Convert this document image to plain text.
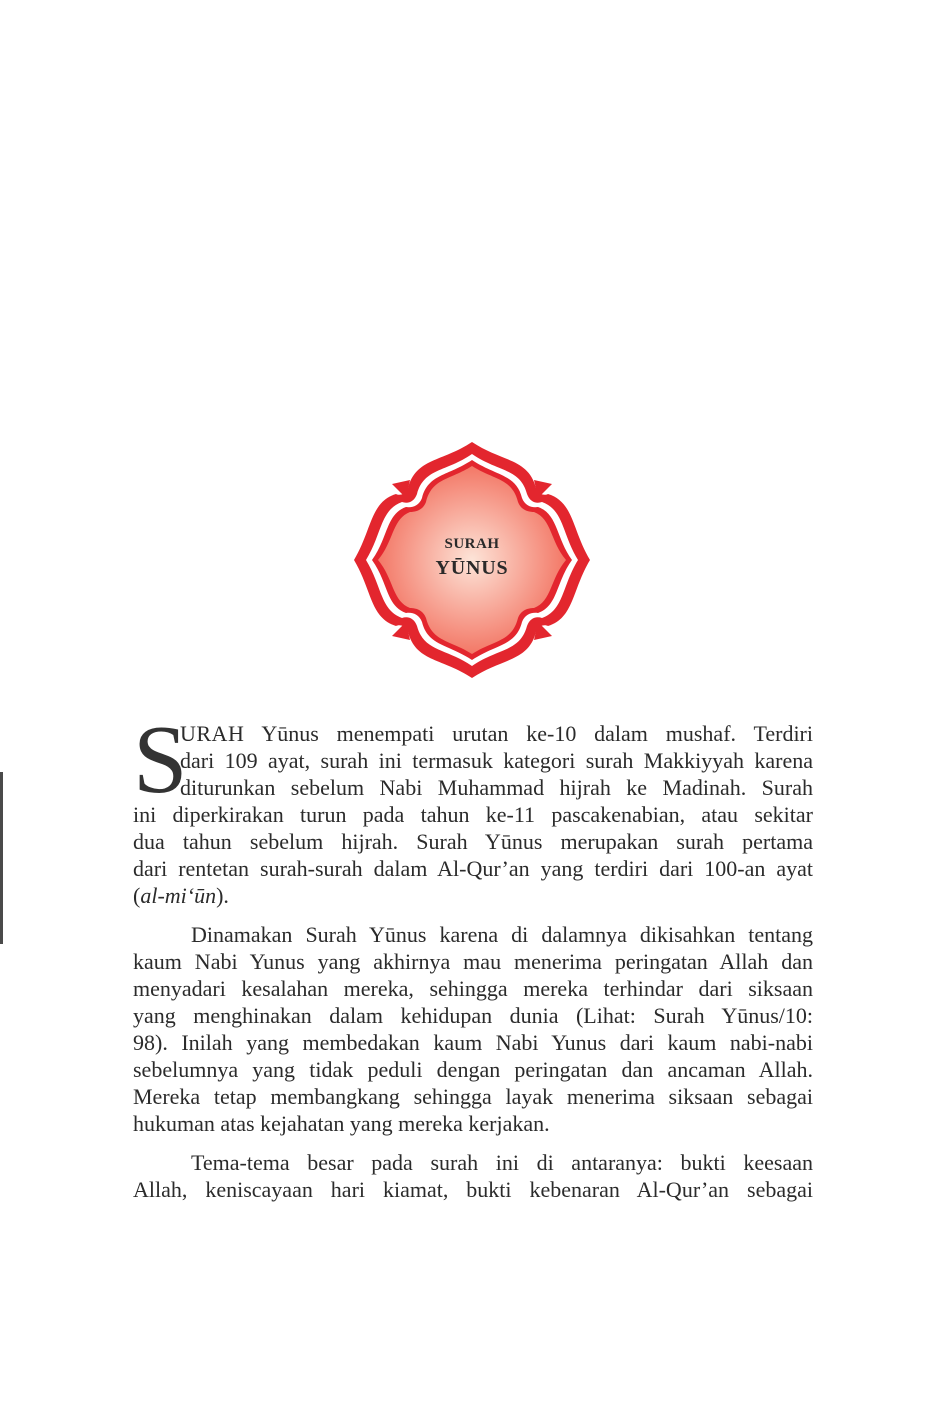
SURAH
YŪNUS
S
URAH Yūnus menempati urutan ke-10 dalam mushaf. Terdiri
dari 109 ayat, surah ini termasuk kategori surah Makkiyyah karena
diturunkan sebelum Nabi Muhammad hijrah ke Madinah. Surah
ini diperkirakan turun pada tahun ke-11 pascakenabian, atau sekitar
dua tahun sebelum hijrah. Surah Yūnus merupakan surah pertama
dari rentetan surah-surah dalam Al-Qur’an yang terdiri dari 100-an ayat
(al-mi‘ūn).
Dinamakan Surah Yūnus karena di dalamnya dikisahkan tentang
kaum Nabi Yunus yang akhirnya mau menerima peringatan Allah dan
menyadari kesalahan mereka, sehingga mereka terhindar dari siksaan
yang menghinakan dalam kehidupan dunia (Lihat: Surah Yūnus/10:
98). Inilah yang membedakan kaum Nabi Yunus dari kaum nabi-nabi
sebelumnya yang tidak peduli dengan peringatan dan ancaman Allah.
Mereka tetap membangkang sehingga layak menerima siksaan sebagai
hukuman atas kejahatan yang mereka kerjakan.
Tema-tema besar pada surah ini di antaranya: bukti keesaan
Allah, keniscayaan hari kiamat, bukti kebenaran Al-Qur’an sebagai
